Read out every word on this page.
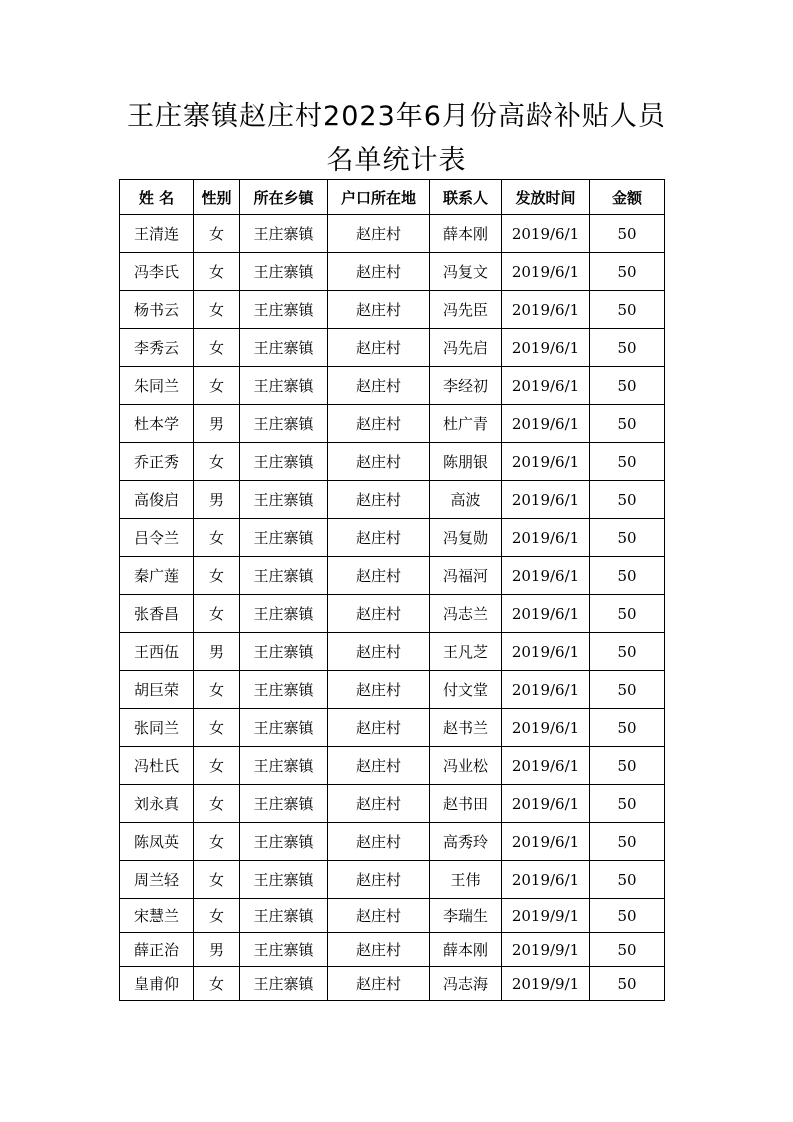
王庄寨镇赵庄村2023年6月份高龄补贴人员
名单统计表
姓 名	性别	所在乡镇	户口所在地	联系人	发放时间	金额
王清连	女	王庄寨镇	赵庄村	薛本刚	2019/6/1	50
冯李氏	女	王庄寨镇	赵庄村	冯复文	2019/6/1	50
杨书云	女	王庄寨镇	赵庄村	冯先臣	2019/6/1	50
李秀云	女	王庄寨镇	赵庄村	冯先启	2019/6/1	50
朱同兰	女	王庄寨镇	赵庄村	李经初	2019/6/1	50
杜本学	男	王庄寨镇	赵庄村	杜广青	2019/6/1	50
乔正秀	女	王庄寨镇	赵庄村	陈朋银	2019/6/1	50
高俊启	男	王庄寨镇	赵庄村	高波	2019/6/1	50
吕令兰	女	王庄寨镇	赵庄村	冯复勋	2019/6/1	50
秦广莲	女	王庄寨镇	赵庄村	冯福河	2019/6/1	50
张香昌	女	王庄寨镇	赵庄村	冯志兰	2019/6/1	50
王西伍	男	王庄寨镇	赵庄村	王凡芝	2019/6/1	50
胡巨荣	女	王庄寨镇	赵庄村	付文堂	2019/6/1	50
张同兰	女	王庄寨镇	赵庄村	赵书兰	2019/6/1	50
冯杜氏	女	王庄寨镇	赵庄村	冯业松	2019/6/1	50
刘永真	女	王庄寨镇	赵庄村	赵书田	2019/6/1	50
陈凤英	女	王庄寨镇	赵庄村	高秀玲	2019/6/1	50
周兰轻	女	王庄寨镇	赵庄村	王伟	2019/6/1	50
宋慧兰	女	王庄寨镇	赵庄村	李瑞生	2019/9/1	50
薛正治	男	王庄寨镇	赵庄村	薛本刚	2019/9/1	50
皇甫仰	女	王庄寨镇	赵庄村	冯志海	2019/9/1	50
